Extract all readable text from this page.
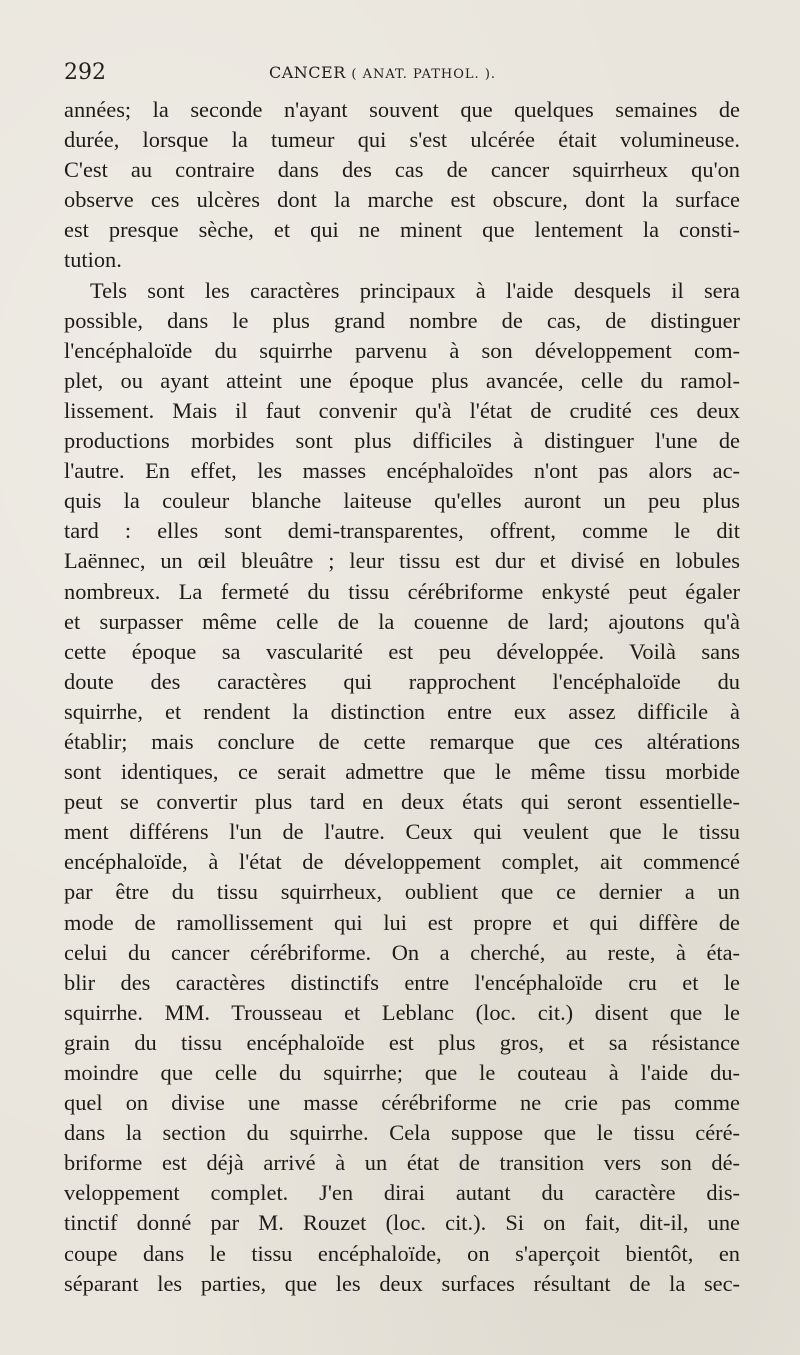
292	CANCER ( ANAT. PATHOL. ).
années; la seconde n'ayant souvent que quelques semaines de
durée, lorsque la tumeur qui s'est ulcérée était volumineuse.
C'est au contraire dans des cas de cancer squirrheux qu'on
observe ces ulcères dont la marche est obscure, dont la surface
est presque sèche, et qui ne minent que lentement la consti-
tution.
Tels sont les caractères principaux à l'aide desquels il sera
possible, dans le plus grand nombre de cas, de distinguer
l'encéphaloïde du squirrhe parvenu à son développement com-
plet, ou ayant atteint une époque plus avancée, celle du ramol-
lissement. Mais il faut convenir qu'à l'état de crudité ces deux
productions morbides sont plus difficiles à distinguer l'une de
l'autre. En effet, les masses encéphaloïdes n'ont pas alors ac-
quis la couleur blanche laiteuse qu'elles auront un peu plus
tard : elles sont demi-transparentes, offrent, comme le dit
Laënnec, un œil bleuâtre ; leur tissu est dur et divisé en lobules
nombreux. La fermeté du tissu cérébriforme enkysté peut égaler
et surpasser même celle de la couenne de lard; ajoutons qu'à
cette époque sa vascularité est peu développée. Voilà sans
doute des caractères qui rapprochent l'encéphaloïde du
squirrhe, et rendent la distinction entre eux assez difficile à
établir; mais conclure de cette remarque que ces altérations
sont identiques, ce serait admettre que le même tissu morbide
peut se convertir plus tard en deux états qui seront essentielle-
ment différens l'un de l'autre. Ceux qui veulent que le tissu
encéphaloïde, à l'état de développement complet, ait commencé
par être du tissu squirrheux, oublient que ce dernier a un
mode de ramollissement qui lui est propre et qui diffère de
celui du cancer cérébriforme. On a cherché, au reste, à éta-
blir des caractères distinctifs entre l'encéphaloïde cru et le
squirrhe. MM. Trousseau et Leblanc (loc. cit.) disent que le
grain du tissu encéphaloïde est plus gros, et sa résistance
moindre que celle du squirrhe; que le couteau à l'aide du-
quel on divise une masse cérébriforme ne crie pas comme
dans la section du squirrhe. Cela suppose que le tissu céré-
briforme est déjà arrivé à un état de transition vers son dé-
veloppement complet. J'en dirai autant du caractère dis-
tinctif donné par M. Rouzet (loc. cit.). Si on fait, dit-il, une
coupe dans le tissu encéphaloïde, on s'aperçoit bientôt, en
séparant les parties, que les deux surfaces résultant de la sec-
